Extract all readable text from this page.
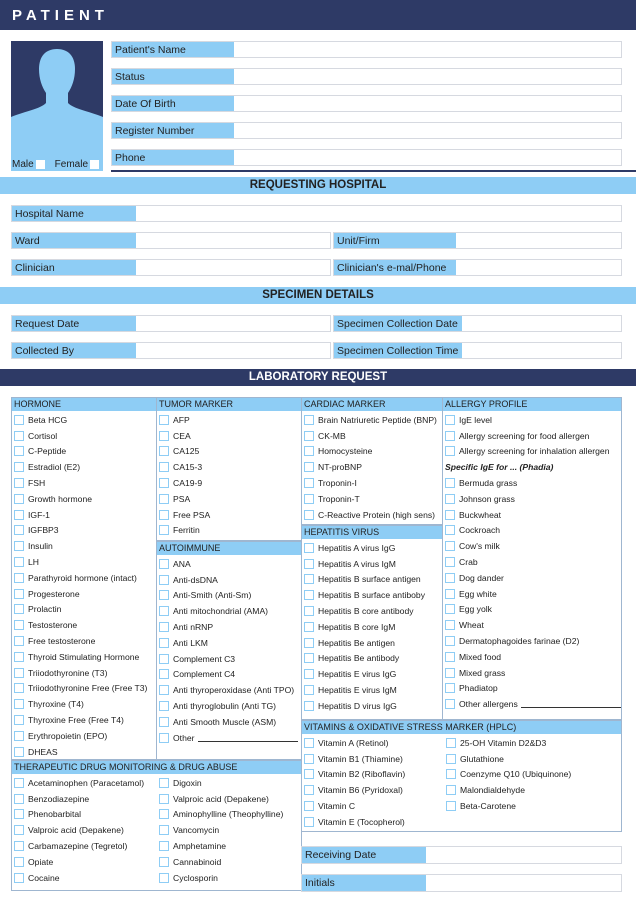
PATIENT
Male Female
Patient's Name
Status
Date Of Birth
Register Number
Phone
REQUESTING HOSPITAL
Hospital Name
Ward	Unit/Firm
Clinician	Clinician's e-mal/Phone
SPECIMEN DETAILS
Request Date	Specimen Collection Date
Collected By	Specimen Collection Time
LABORATORY REQUEST
HORMONE
Beta HCG
Cortisol
C-Peptide
Estradiol (E2)
FSH
Growth hormone
IGF-1
IGFBP3
Insulin
LH
Parathyroid hormone (intact)
Progesterone
Prolactin
Testosterone
Free testosterone
Thyroid Stimulating Hormone
Triiodothyronine (T3)
Triiodothyronine Free (Free T3)
Thyroxine (T4)
Thyroxine Free (Free T4)
Erythropoietin (EPO)
DHEAS
TUMOR MARKER
AFP
CEA
CA125
CA15-3
CA19-9
PSA
Free PSA
Ferritin
AUTOIMMUNE
ANA
Anti-dsDNA
Anti-Smith (Anti-Sm)
Anti mitochondrial (AMA)
Anti nRNP
Anti LKM
Complement C3
Complement C4
Anti thyroperoxidase (Anti TPO)
Anti thyroglobulin (Anti TG)
Anti Smooth Muscle (ASM)
Other
CARDIAC MARKER
Brain Natriuretic Peptide (BNP)
CK-MB
Homocysteine
NT-proBNP
Troponin-I
Troponin-T
C-Reactive Protein (high sens)
HEPATITIS VIRUS
Hepatitis A virus IgG
Hepatitis A virus IgM
Hepatitis B surface antigen
Hepatitis B surface antiboby
Hepatitis B core antibody
Hepatitis B core IgM
Hepatitis Be antigen
Hepatitis Be antibody
Hepatitis E virus IgG
Hepatitis E virus IgM
Hepatitis D virus IgG
ALLERGY PROFILE
IgE level
Allergy screening for food allergen
Allergy screening for inhalation allergen
Specific IgE for ... (Phadia)
Bermuda grass
Johnson grass
Buckwheat
Cockroach
Cow's milk
Crab
Dog dander
Egg white
Egg yolk
Wheat
Dermatophagoides farinae (D2)
Mixed food
Mixed grass
Phadiatop
Other allergens
THERAPEUTIC DRUG MONITORING & DRUG ABUSE
Acetaminophen (Paracetamol)
Benzodiazepine
Phenobarbital
Valproic acid (Depakene)
Carbamazepine (Tegretol)
Opiate
Cocaine
Digoxin
Valproic acid (Depakene)
Aminophylline (Theophylline)
Vancomycin
Amphetamine
Cannabinoid
Cyclosporin
VITAMINS & OXIDATIVE STRESS MARKER (HPLC)
Vitamin A (Retinol)
Vitamin B1 (Thiamine)
Vitamin B2 (Riboflavin)
Vitamin B6 (Pyridoxal)
Vitamin C
Vitamin E (Tocopherol)
25-OH Vitamin D2&D3
Glutathione
Coenzyme Q10 (Ubiquinone)
Malondialdehyde
Beta-Carotene
Receiving Date
Initials
